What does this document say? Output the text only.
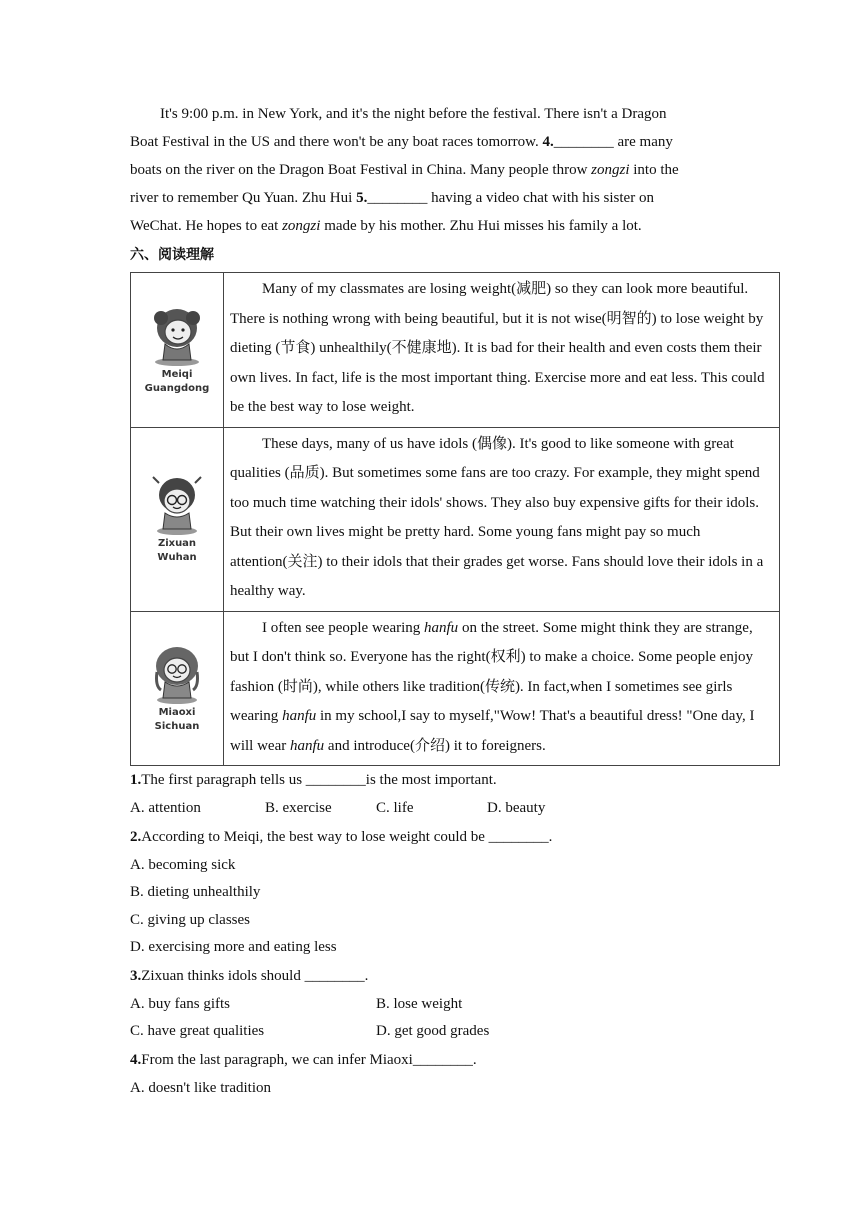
It's 9:00 p.m. in New York, and it's the night before the festival. There isn't a Dragon
Boat Festival in the US and there won't be any boat races tomorrow. 4.________ are many
boats on the river on the Dragon Boat Festival in China. Many people throw zongzi into the
river to remember Qu Yuan. Zhu Hui 5.________ having a video chat with his sister on
WeChat. He hopes to eat zongzi made by his mother. Zhu Hui misses his family a lot.
六、阅读理解
Meiqi
Guangdong	Many of my classmates are losing weight(减肥) so they can look more beautiful. There is nothing wrong with being beautiful, but it is not wise(明智的) to lose weight by dieting (节食) unhealthily(不健康地). It is bad for their health and even costs them their own lives. In fact, life is the most important thing. Exercise more and eat less. This could be the best way to lose weight.

Zixuan
Wuhan	These days, many of us have idols (偶像). It's good to like someone with great qualities (品质). But sometimes some fans are too crazy. For example, they might spend too much time watching their idols' shows. They also buy expensive gifts for their idols. But their own lives might be pretty hard. Some young fans might pay so much attention(关注) to their idols that their grades get worse. Fans should love their idols in a healthy way.

Miaoxi
Sichuan	I often see people wearing hanfu on the street. Some might think they are strange, but I don't think so. Everyone has the right(权利) to make a choice. Some people enjoy fashion (时尚), while others like tradition(传统). In fact,when I sometimes see girls wearing hanfu in my school,I say to myself,"Wow! That's a beautiful dress! "One day, I will wear hanfu and introduce(介绍) it to foreigners.
1.The first paragraph tells us ________is the most important.
A. attention	B. exercise	C. life	D. beauty
2.According to Meiqi, the best way to lose weight could be ________.
A. becoming sick
B. dieting unhealthily
C. giving up classes
D. exercising more and eating less
3.Zixuan thinks idols should ________.
A. buy fans gifts	B. lose weight
C. have great qualities	D. get good grades
4.From the last paragraph, we can infer Miaoxi________.
A. doesn't like tradition
